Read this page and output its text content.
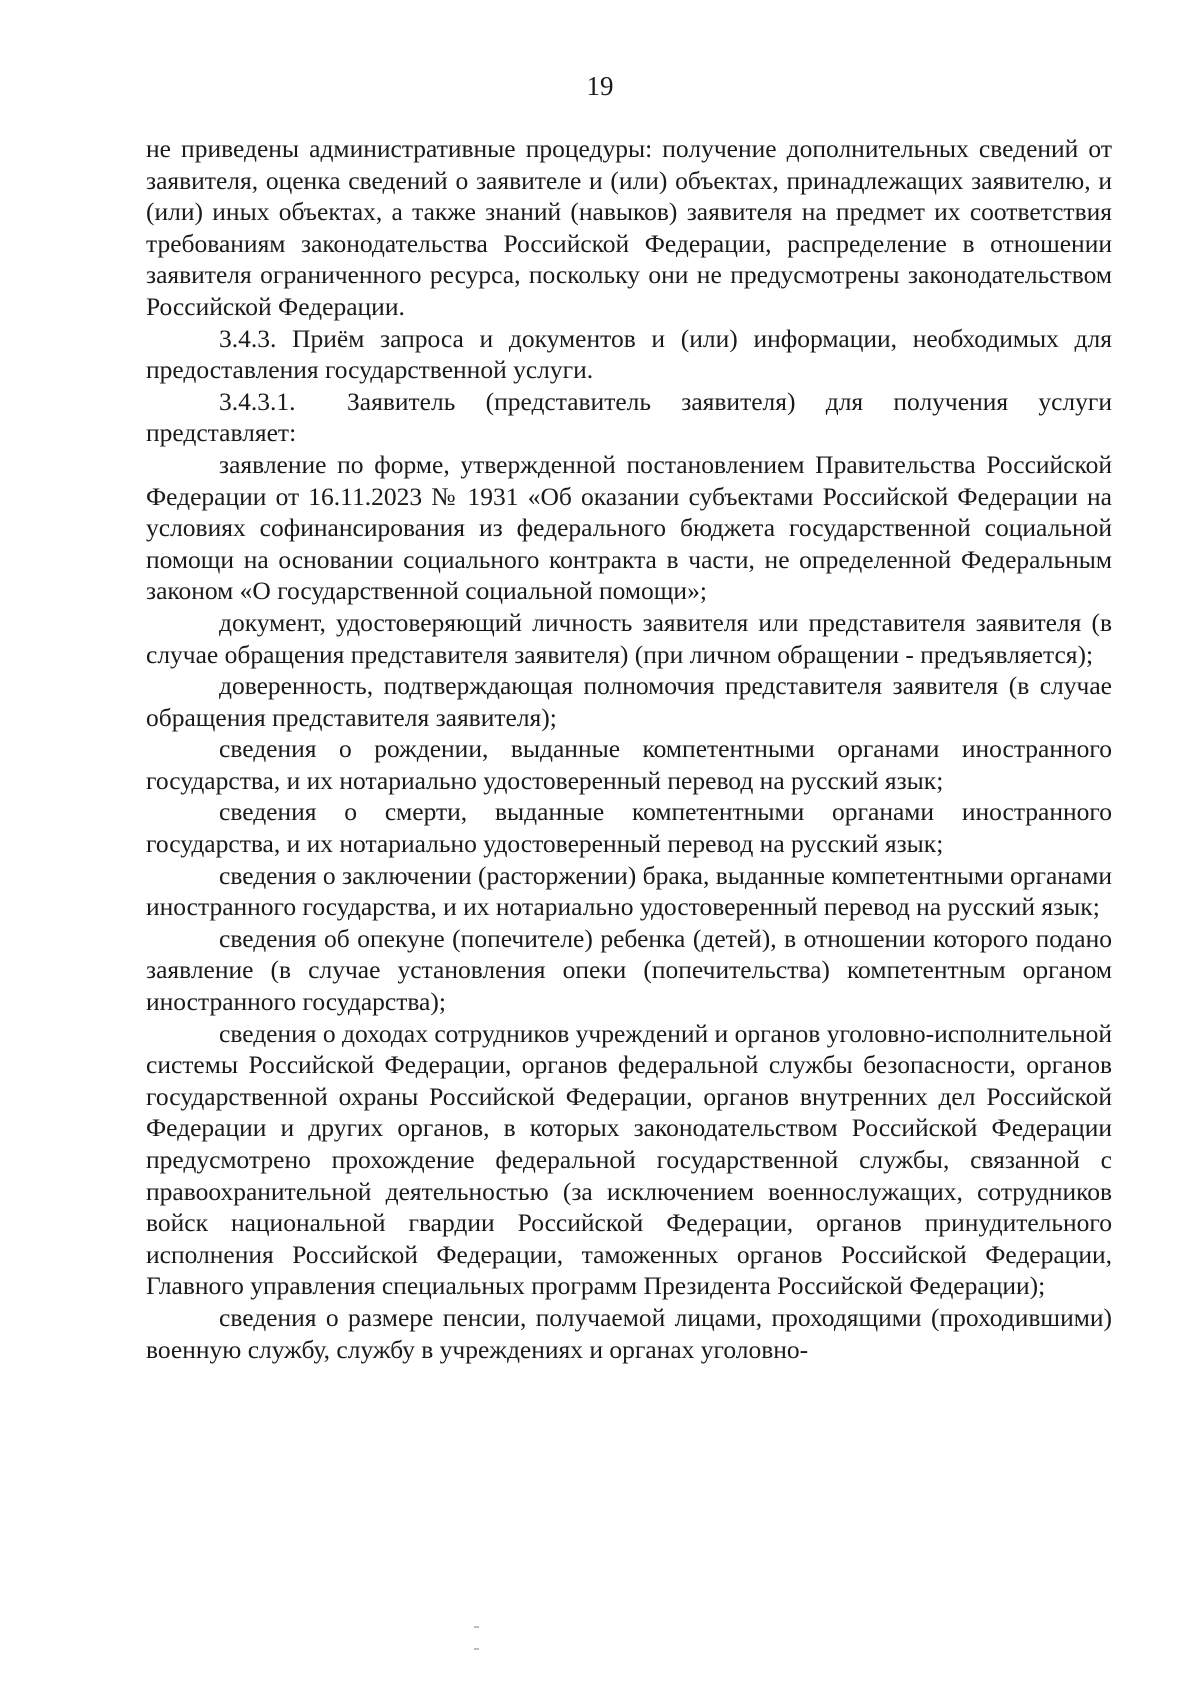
19

не приведены административные процедуры: получение дополнительных сведений от заявителя, оценка сведений о заявителе и (или) объектах, принадлежащих заявителю, и (или) иных объектах, а также знаний (навыков) заявителя на предмет их соответствия требованиям законодательства Российской Федерации, распределение в отношении заявителя ограниченного ресурса, поскольку они не предусмотрены законодательством Российской Федерации.

3.4.3. Приём запроса и документов и (или) информации, необходимых для предоставления государственной услуги.

3.4.3.1. Заявитель (представитель заявителя) для получения услуги представляет:

заявление по форме, утвержденной постановлением Правительства Российской Федерации от 16.11.2023 № 1931 «Об оказании субъектами Российской Федерации на условиях софинансирования из федерального бюджета государственной социальной помощи на основании социального контракта в части, не определенной Федеральным законом «О государственной социальной помощи»;

документ, удостоверяющий личность заявителя или представителя заявителя (в случае обращения представителя заявителя) (при личном обращении - предъявляется);

доверенность, подтверждающая полномочия представителя заявителя (в случае обращения представителя заявителя);

сведения о рождении, выданные компетентными органами иностранного государства, и их нотариально удостоверенный перевод на русский язык;

сведения о смерти, выданные компетентными органами иностранного государства, и их нотариально удостоверенный перевод на русский язык;

сведения о заключении (расторжении) брака, выданные компетентными органами иностранного государства, и их нотариально удостоверенный перевод на русский язык;

сведения об опекуне (попечителе) ребенка (детей), в отношении которого подано заявление (в случае установления опеки (попечительства) компетентным органом иностранного государства);

сведения о доходах сотрудников учреждений и органов уголовно-исполнительной системы Российской Федерации, органов федеральной службы безопасности, органов государственной охраны Российской Федерации, органов внутренних дел Российской Федерации и других органов, в которых законодательством Российской Федерации предусмотрено прохождение федеральной государственной службы, связанной с правоохранительной деятельностью (за исключением военнослужащих, сотрудников войск национальной гвардии Российской Федерации, органов принудительного исполнения Российской Федерации, таможенных органов Российской Федерации, Главного управления специальных программ Президента Российской Федерации);

сведения о размере пенсии, получаемой лицами, проходящими (проходившими) военную службу, службу в учреждениях и органах уголовно-
